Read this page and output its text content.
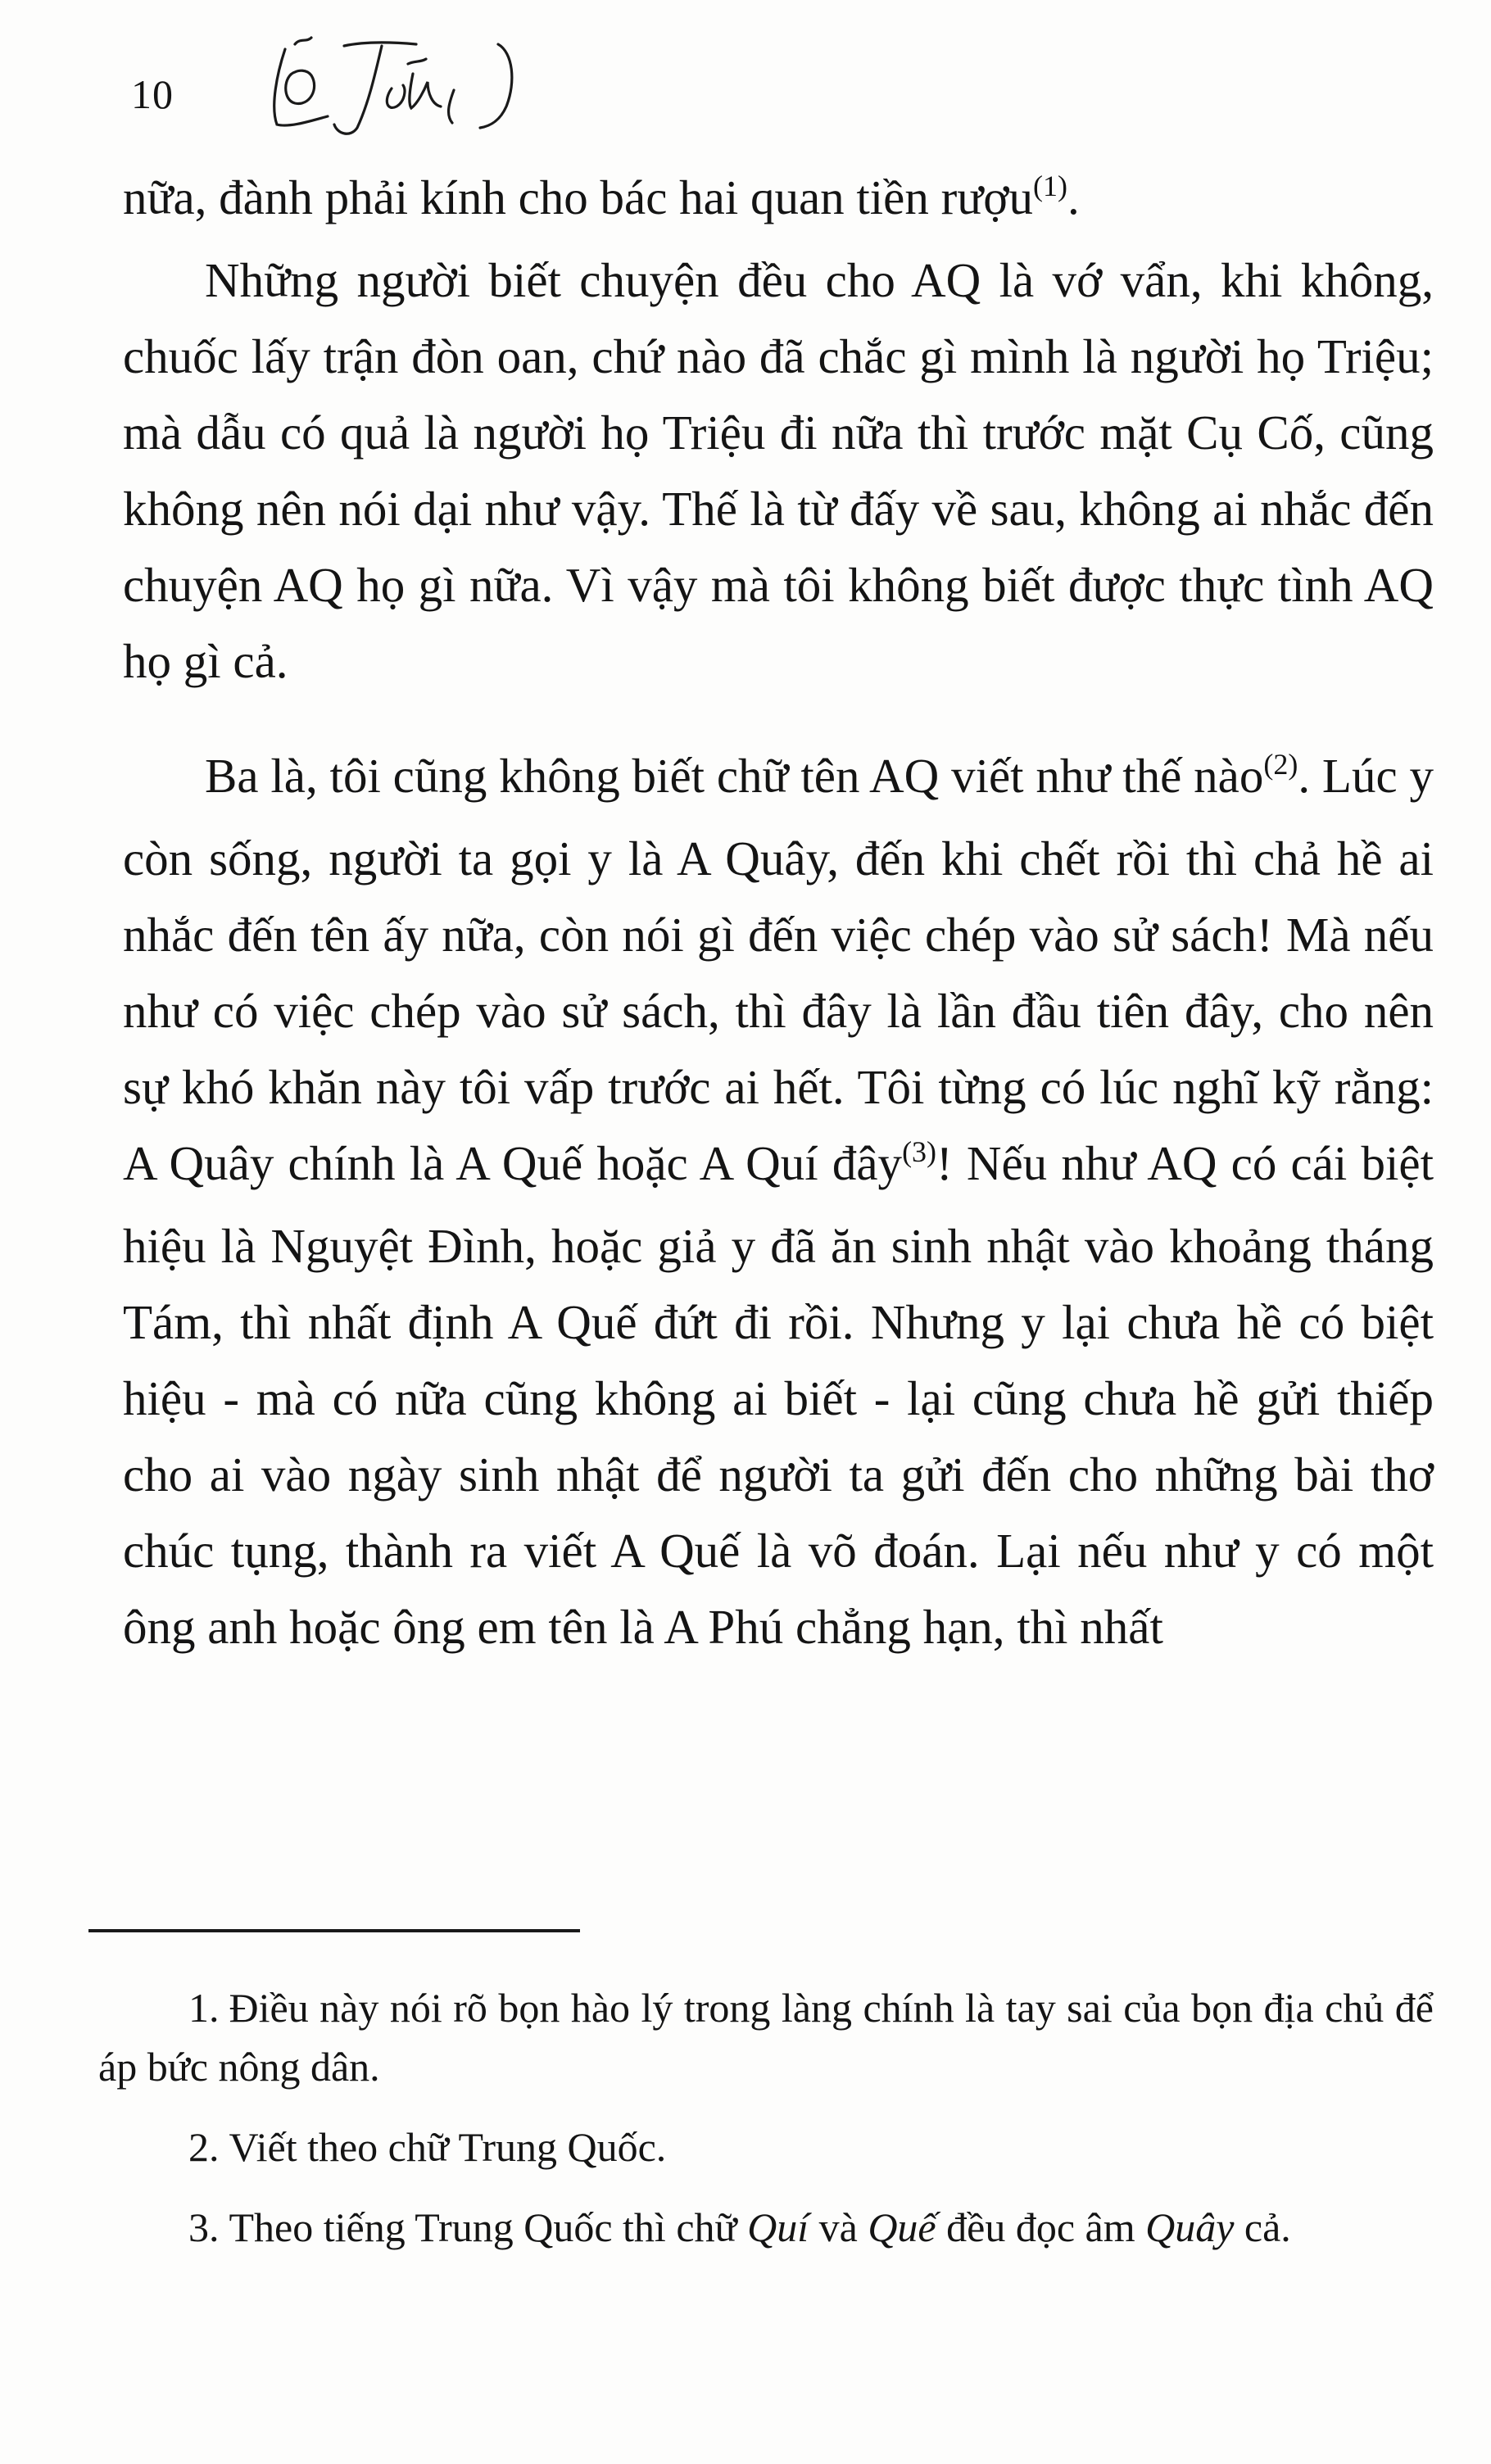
10

nữa, đành phải kính cho bác hai quan tiền rượu$^{(1)}$.

Những người biết chuyện đều cho AQ là vớ vẩn, khi không, chuốc lấy trận đòn oan, chứ nào đã chắc gì mình là người họ Triệu; mà dẫu có quả là người họ Triệu đi nữa thì trước mặt Cụ Cố, cũng không nên nói dại như vậy. Thế là từ đấy về sau, không ai nhắc đến chuyện AQ họ gì nữa. Vì vậy mà tôi không biết được thực tình AQ họ gì cả.

Ba là, tôi cũng không biết chữ tên AQ viết như thế nào$^{(2)}$. Lúc y còn sống, người ta gọi y là A Quây, đến khi chết rồi thì chả hề ai nhắc đến tên ấy nữa, còn nói gì đến việc chép vào sử sách! Mà nếu như có việc chép vào sử sách, thì đây là lần đầu tiên đây, cho nên sự khó khăn này tôi vấp trước ai hết. Tôi từng có lúc nghĩ kỹ rằng: A Quây chính là A Quế hoặc A Quí đây$^{(3)}$! Nếu như AQ có cái biệt hiệu là Nguyệt Đình, hoặc giả y đã ăn sinh nhật vào khoảng tháng Tám, thì nhất định A Quế đứt đi rồi. Nhưng y lại chưa hề có biệt hiệu - mà có nữa cũng không ai biết - lại cũng chưa hề gửi thiếp cho ai vào ngày sinh nhật để người ta gửi đến cho những bài thơ chúc tụng, thành ra viết A Quế là võ đoán. Lại nếu như y có một ông anh hoặc ông em tên là A Phú chẳng hạn, thì nhất

1. Điều này nói rõ bọn hào lý trong làng chính là tay sai của bọn địa chủ để áp bức nông dân.

2. Viết theo chữ Trung Quốc.

3. Theo tiếng Trung Quốc thì chữ Quí và Quế đều đọc âm Quây cả.
